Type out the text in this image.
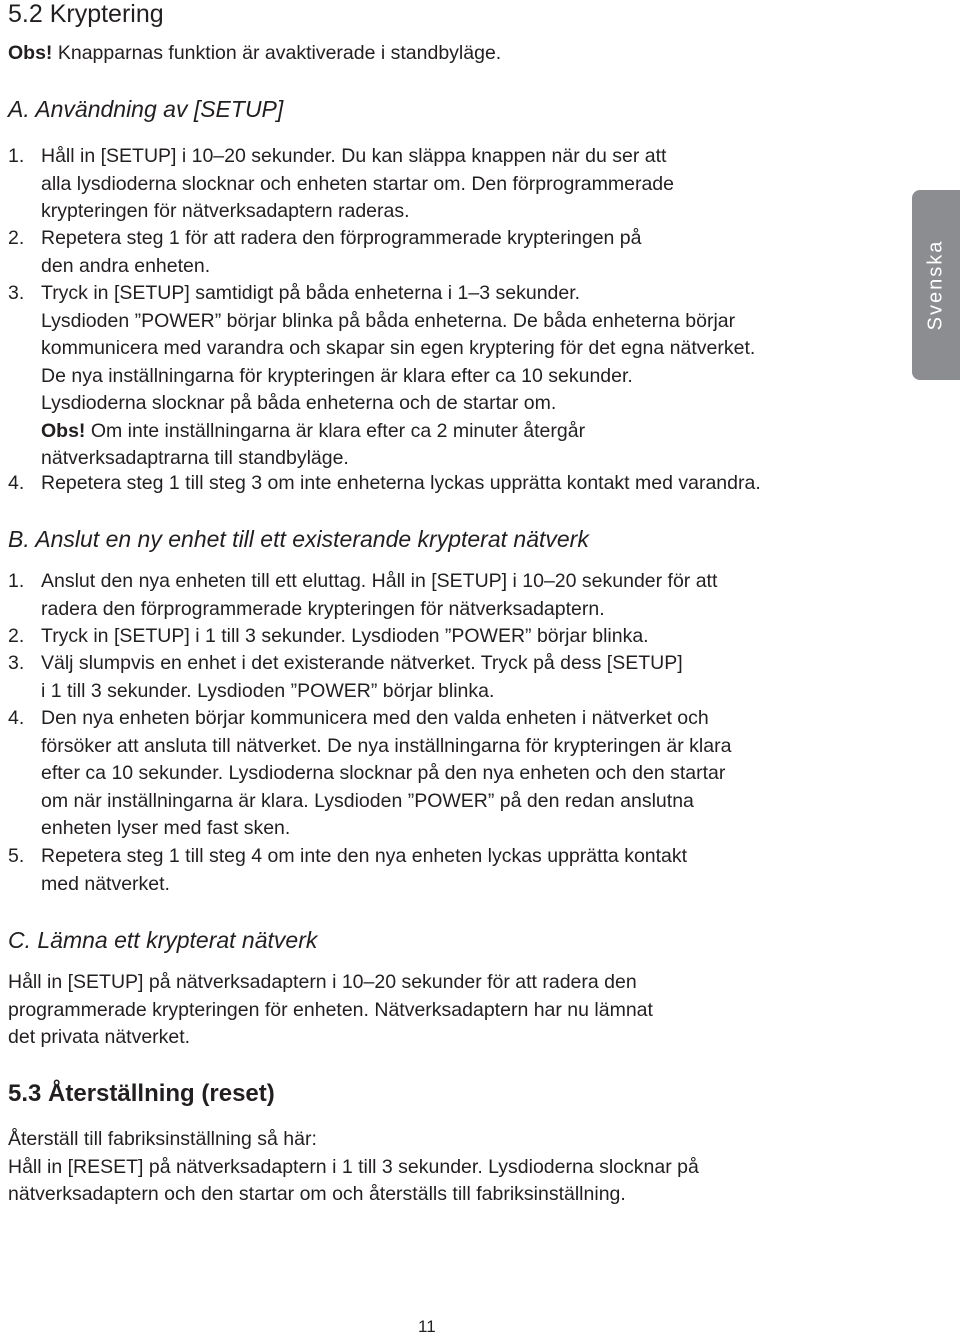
5.2 Kryptering
Obs! Knapparnas funktion är avaktiverade i standbyläge.
A. Användning av [SETUP]
1. Håll in [SETUP] i 10–20 sekunder. Du kan släppa knappen när du ser att
alla lysdioderna slocknar och enheten startar om. Den förprogrammerade
krypteringen för nätverksadaptern raderas.
2. Repetera steg 1 för att radera den förprogrammerade krypteringen på
den andra enheten.
3. Tryck in [SETUP] samtidigt på båda enheterna i 1–3 sekunder.
Lysdioden ”POWER” börjar blinka på båda enheterna. De båda enheterna börjar
kommunicera med varandra och skapar sin egen kryptering för det egna nätverket.
De nya inställningarna för krypteringen är klara efter ca 10 sekunder.
Lysdioderna slocknar på båda enheterna och de startar om.
Obs! Om inte inställningarna är klara efter ca 2 minuter återgår
nätverksadaptrarna till standbyläge.
4. Repetera steg 1 till steg 3 om inte enheterna lyckas upprätta kontakt med varandra.
B. Anslut en ny enhet till ett existerande krypterat nätverk
1. Anslut den nya enheten till ett eluttag. Håll in [SETUP] i 10–20 sekunder för att
radera den förprogrammerade krypteringen för nätverksadaptern.
2. Tryck in [SETUP] i 1 till 3 sekunder. Lysdioden ”POWER” börjar blinka.
3. Välj slumpvis en enhet i det existerande nätverket. Tryck på dess [SETUP]
i 1 till 3 sekunder. Lysdioden ”POWER” börjar blinka.
4. Den nya enheten börjar kommunicera med den valda enheten i nätverket och
försöker att ansluta till nätverket. De nya inställningarna för krypteringen är klara
efter ca 10 sekunder. Lysdioderna slocknar på den nya enheten och den startar
om när inställningarna är klara. Lysdioden ”POWER” på den redan anslutna
enheten lyser med fast sken.
5. Repetera steg 1 till steg 4 om inte den nya enheten lyckas upprätta kontakt
med nätverket.
C. Lämna ett krypterat nätverk
Håll in [SETUP] på nätverksadaptern i 10–20 sekunder för att radera den
programmerade krypteringen för enheten. Nätverksadaptern har nu lämnat
det privata nätverket.
5.3 Återställning (reset)
Återställ till fabriksinställning så här:
Håll in [RESET] på nätverksadaptern i 1 till 3 sekunder. Lysdioderna slocknar på
nätverksadaptern och den startar om och återställs till fabriksinställning.
Svenska
11
